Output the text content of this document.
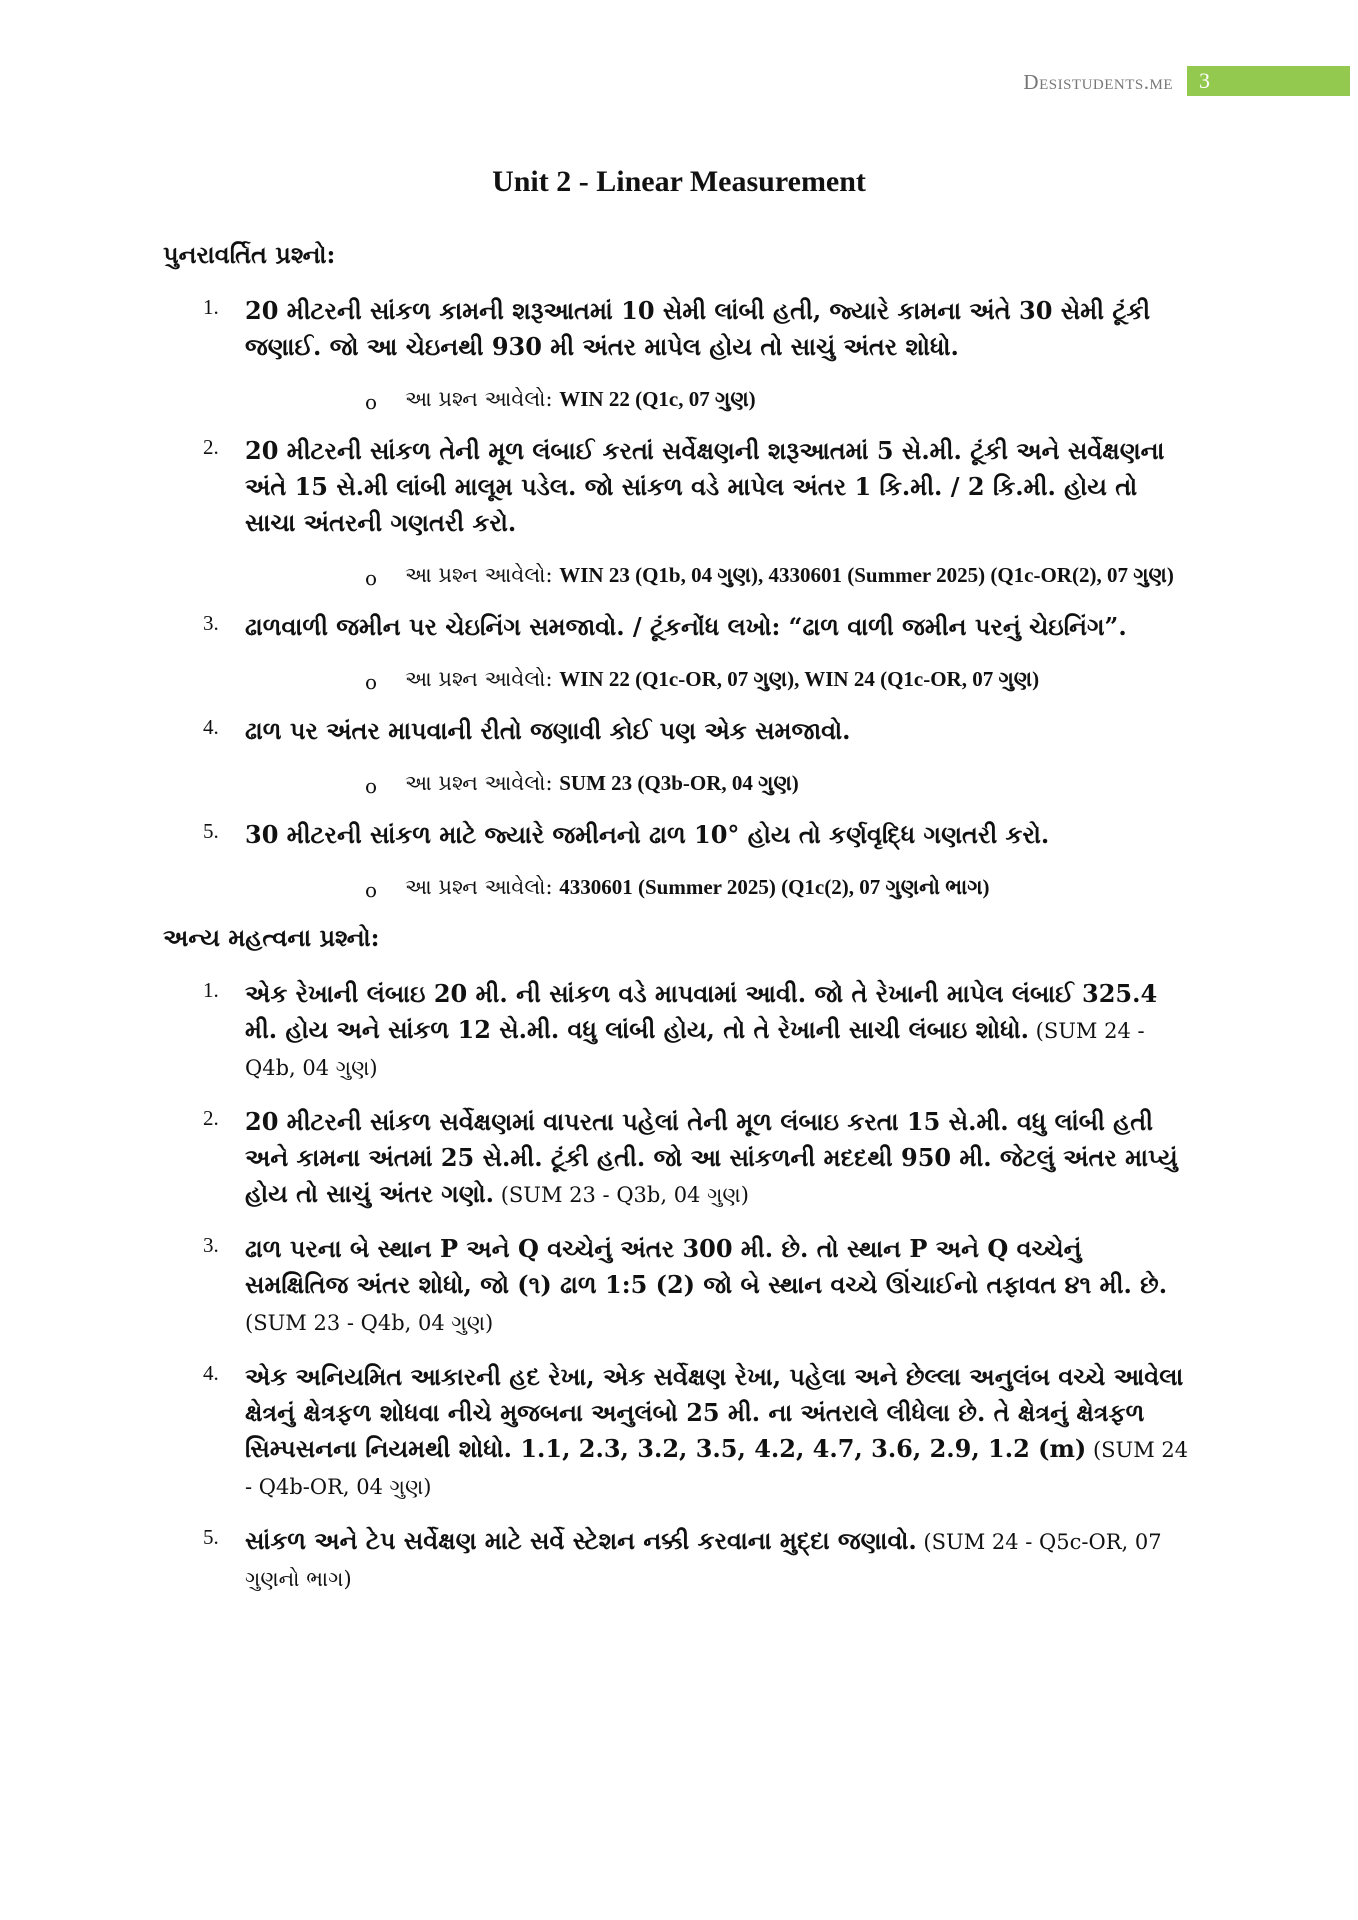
Desistudents.me	3
Unit 2 - Linear Measurement
પુનરાવર્તિત પ્રશ્નો:
1. 20 મીટરની સાંકળ કામની શરૂઆતમાં 10 સેમી લાંબી હતી, જ્યારે કામના અંતે 30 સેમી ટૂંકી જણાઈ. જો આ ચેઇનથી 930 મી અંતર માપેલ હોય તો સાચું અંતર શોધો.
o આ પ્રશ્ન આવેલો: WIN 22 (Q1c, 07 ગુણ)
2. 20 મીટરની સાંકળ તેની મૂળ લંબાઈ કરતાં સર્વેક્ષણની શરૂઆતમાં 5 સે.મી. ટૂંકી અને સર્વેક્ષણના અંતે 15 સે.મી લાંબી માલૂમ પડેલ. જો સાંકળ વડે માપેલ અંતર 1 કિ.મી. / 2 કિ.મી. હોય તો સાચા અંતરની ગણતરી કરો.
o આ પ્રશ્ન આવેલો: WIN 23 (Q1b, 04 ગુણ), 4330601 (Summer 2025) (Q1c-OR(2), 07 ગુણ)
3. ઢાળવાળી જમીન પર ચેઇનિંગ સમજાવો. / ટૂંકનોંધ લખો: “ઢાળ વાળી જમીન પરનું ચેઇનિંગ”.
o આ પ્રશ્ન આવેલો: WIN 22 (Q1c-OR, 07 ગુણ), WIN 24 (Q1c-OR, 07 ગુણ)
4. ઢાળ પર અંતર માપવાની રીતો જણાવી કોઈ પણ એક સમજાવો.
o આ પ્રશ્ન આવેલો: SUM 23 (Q3b-OR, 04 ગુણ)
5. 30 મીટરની સાંકળ માટે જ્યારે જમીનનો ઢાળ 10° હોય તો કર્ણવૃદ્ધિ ગણતરી કરો.
o આ પ્રશ્ન આવેલો: 4330601 (Summer 2025) (Q1c(2), 07 ગુણનો ભાગ)
અન્ય મહત્વના પ્રશ્નો:
1. એક રેખાની લંબાઇ 20 મી. ની સાંકળ વડે માપવામાં આવી. જો તે રેખાની માપેલ લંબાઈ 325.4 મી. હોય અને સાંકળ 12 સે.મી. વધુ લાંબી હોય, તો તે રેખાની સાચી લંબાઇ શોધો. (SUM 24 - Q4b, 04 ગુણ)
2. 20 મીટરની સાંકળ સર્વેક્ષણમાં વાપરતા પહેલાં તેની મૂળ લંબાઇ કરતા 15 સે.મી. વધુ લાંબી હતી અને કામના અંતમાં 25 સે.મી. ટૂંકી હતી. જો આ સાંકળની મદદથી 950 મી. જેટલું અંતર માપ્યું હોય તો સાચું અંતર ગણો. (SUM 23 - Q3b, 04 ગુણ)
3. ઢાળ પરના બે સ્થાન P અને Q વચ્ચેનું અંતર 300 મી. છે. તો સ્થાન P અને Q વચ્ચેનું સમક્ષિતિજ અંતર શોધો, જો (૧) ઢાળ 1:5 (2) જો બે સ્થાન વચ્ચે ઊંચાઈનો તફાવત ૪૧ મી. છે. (SUM 23 - Q4b, 04 ગુણ)
4. એક અનિયમિત આકારની હદ રેખા, એક સર્વેક્ષણ રેખા, પહેલા અને છેલ્લા અનુલંબ વચ્ચે આવેલા ક્ષેત્રનું ક્ષેત્રફળ શોધવા નીચે મુજબના અનુલંબો 25 મી. ના અંતરાલે લીધેલા છે. તે ક્ષેત્રનું ક્ષેત્રફળ સિમ્પસનના નિયમથી શોધો. 1.1, 2.3, 3.2, 3.5, 4.2, 4.7, 3.6, 2.9, 1.2 (m) (SUM 24 - Q4b-OR, 04 ગુણ)
5. સાંકળ અને ટેપ સર્વેક્ષણ માટે સર્વે સ્ટેશન નક્કી કરવાના મુદ્દા જણાવો. (SUM 24 - Q5c-OR, 07 ગુણનો ભાગ)
